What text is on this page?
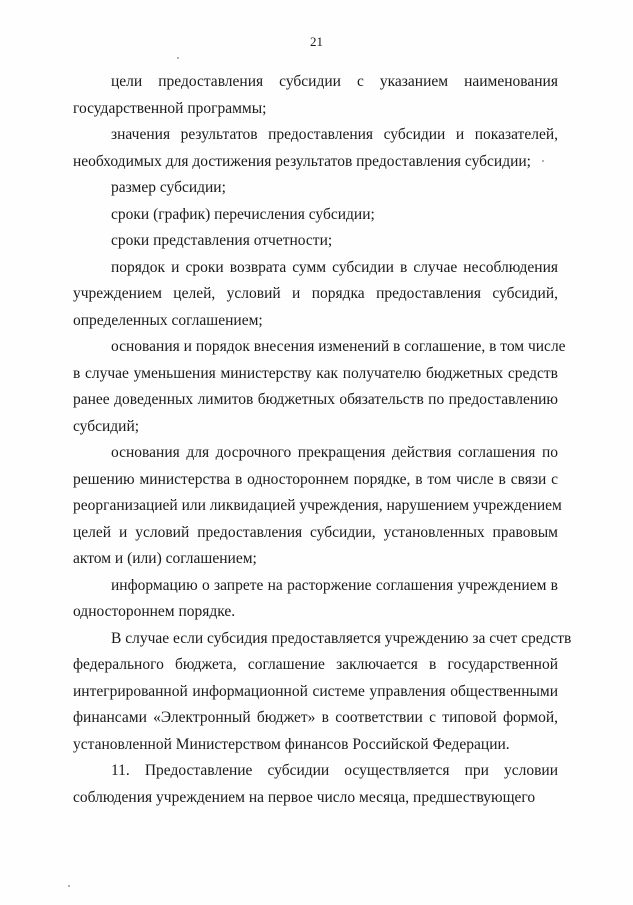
21

цели предоставления субсидии с указанием наименования
государственной программы;

значения результатов предоставления субсидии и показателей,
необходимых для достижения результатов предоставления субсидии;

размер субсидии;

сроки (график) перечисления субсидии;

сроки представления отчетности;

порядок и сроки возврата сумм субсидии в случае несоблюдения
учреждением целей, условий и порядка предоставления субсидий,
определенных соглашением;

основания и порядок внесения изменений в соглашение, в том числе
в случае уменьшения министерству как получателю бюджетных средств
ранее доведенных лимитов бюджетных обязательств по предоставлению
субсидий;

основания для досрочного прекращения действия соглашения по
решению министерства в одностороннем порядке, в том числе в связи с
реорганизацией или ликвидацией учреждения, нарушением учреждением
целей и условий предоставления субсидии, установленных правовым
актом и (или) соглашением;

информацию о запрете на расторжение соглашения учреждением в
одностороннем порядке.

В случае если субсидия предоставляется учреждению за счет средств
федерального бюджета, соглашение заключается в государственной
интегрированной информационной системе управления общественными
финансами «Электронный бюджет» в соответствии с типовой формой,
установленной Министерством финансов Российской Федерации.

11. Предоставление субсидии осуществляется при условии
соблюдения учреждением на первое число месяца, предшествующего
